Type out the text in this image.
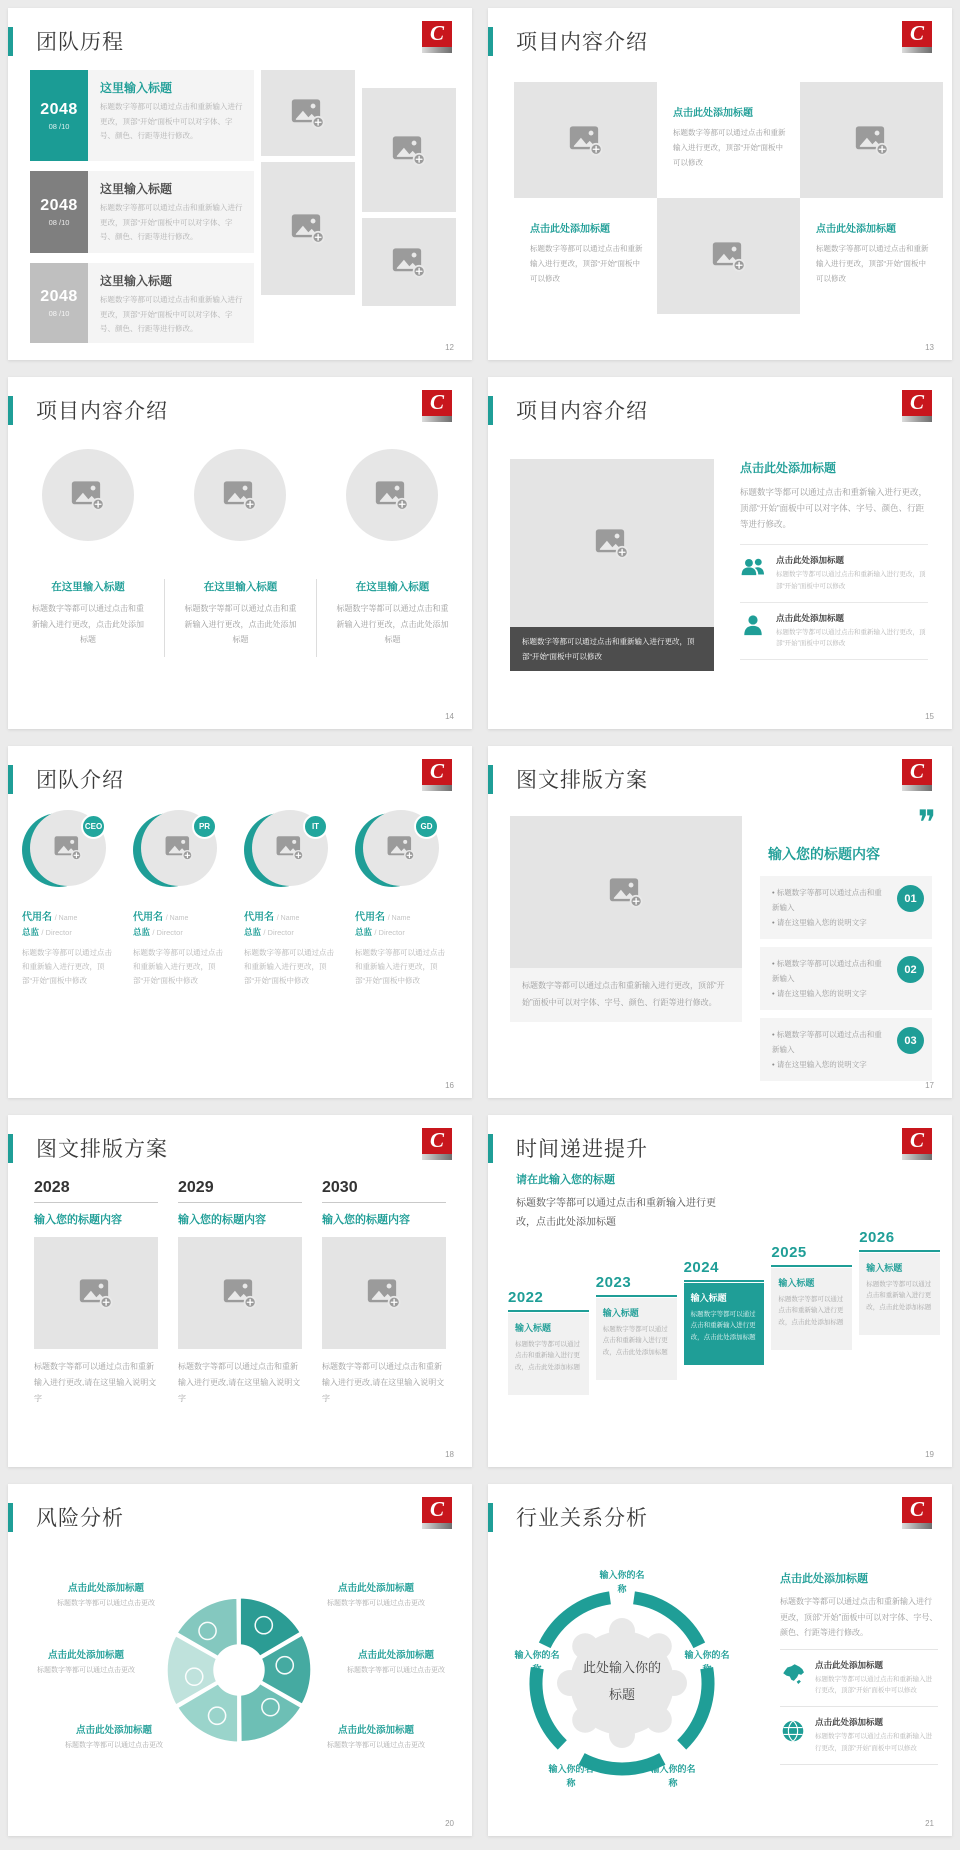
团队历程	C
2048
08 /10
这里输入标题

标题数字等都可以通过点击和重新输入进行更改，顶部“开始”面板中可以对字体、字号、颜色、行距等进行修改。

2048
08 /10
这里输入标题

标题数字等都可以通过点击和重新输入进行更改，顶部“开始”面板中可以对字体、字号、颜色、行距等进行修改。

2048
08 /10
这里输入标题

标题数字等都可以通过点击和重新输入进行更改，顶部“开始”面板中可以对字体、字号、颜色、行距等进行修改。

12
项目内容介绍	C
点击此处添加标题

标题数字等都可以通过点击和重新输入进行更改，顶部“开始”面板中可以修改

点击此处添加标题

标题数字等都可以通过点击和重新输入进行更改，顶部“开始”面板中可以修改

点击此处添加标题

标题数字等都可以通过点击和重新输入进行更改，顶部“开始”面板中可以修改

13
项目内容介绍	C
在这里输入标题

标题数字等都可以通过点击和重新输入进行更改，点击此处添加标题

在这里输入标题

标题数字等都可以通过点击和重新输入进行更改，点击此处添加标题

在这里输入标题

标题数字等都可以通过点击和重新输入进行更改，点击此处添加标题

14
项目内容介绍	C
标题数字等都可以通过点击和重新输入进行更改，顶部“开始”面板中可以修改
点击此处添加标题

标题数字等都可以通过点击和重新输入进行更改，顶部“开始”面板中可以对字体、字号、颜色、行距等进行修改。

点击此处添加标题

标题数字等都可以通过点击和重新输入进行更改，顶部“开始”面板中可以修改

点击此处添加标题

标题数字等都可以通过点击和重新输入进行更改，顶部“开始”面板中可以修改

15
团队介绍	C
CEO
代用名 / Name
总监 / Director

标题数字等都可以通过点击和重新输入进行更改，顶部“开始”面板中修改

PR
代用名 / Name
总监 / Director

标题数字等都可以通过点击和重新输入进行更改，顶部“开始”面板中修改

IT
代用名 / Name
总监 / Director

标题数字等都可以通过点击和重新输入进行更改，顶部“开始”面板中修改

GD
代用名 / Name
总监 / Director

标题数字等都可以通过点击和重新输入进行更改，顶部“开始”面板中修改

16
图文排版方案	C
标题数字等都可以通过点击和重新输入进行更改，顶部“开始”面板中可以对字体、字号、颜色、行距等进行修改。
❞
输入您的标题内容

• 标题数字等都可以通过点击和重新输入

• 请在这里输入您的说明文字

01

• 标题数字等都可以通过点击和重新输入

• 请在这里输入您的说明文字

02

• 标题数字等都可以通过点击和重新输入

• 请在这里输入您的说明文字

03
17
图文排版方案	C
2028
输入您的标题内容

标题数字等都可以通过点击和重新输入进行更改,请在这里输入说明文字

2029
输入您的标题内容

标题数字等都可以通过点击和重新输入进行更改,请在这里输入说明文字

2030
输入您的标题内容

标题数字等都可以通过点击和重新输入进行更改,请在这里输入说明文字

18
时间递进提升	C
请在此输入您的标题

标题数字等都可以通过点击和重新输入进行更改，点击此处添加标题

2022
输入标题

标题数字等都可以通过点击和重新输入进行更改，点击此处添加标题

2023
输入标题

标题数字等都可以通过点击和重新输入进行更改，点击此处添加标题

2024
输入标题

标题数字等都可以通过点击和重新输入进行更改，点击此处添加标题

2025
输入标题

标题数字等都可以通过点击和重新输入进行更改，点击此处添加标题

2026
输入标题

标题数字等都可以通过点击和重新输入进行更改，点击此处添加标题

19
风险分析	C
点击此处添加标题

标题数字等都可以通过点击更改

点击此处添加标题

标题数字等都可以通过点击更改

点击此处添加标题

标题数字等都可以通过点击更改

点击此处添加标题

标题数字等都可以通过点击更改

点击此处添加标题

标题数字等都可以通过点击更改

点击此处添加标题

标题数字等都可以通过点击更改

20
行业关系分析	C
此处输入你的标题
输入你的名称
输入你的名称
输入你的名称
输入你的名称
输入你的名称
点击此处添加标题

标题数字等都可以通过点击和重新输入进行更改，顶部“开始”面板中可以对字体、字号、颜色、行距等进行修改。

点击此处添加标题

标题数字等都可以通过点击和重新输入进行更改，顶部“开始”面板中可以修改

点击此处添加标题

标题数字等都可以通过点击和重新输入进行更改，顶部“开始”面板中可以修改

21
